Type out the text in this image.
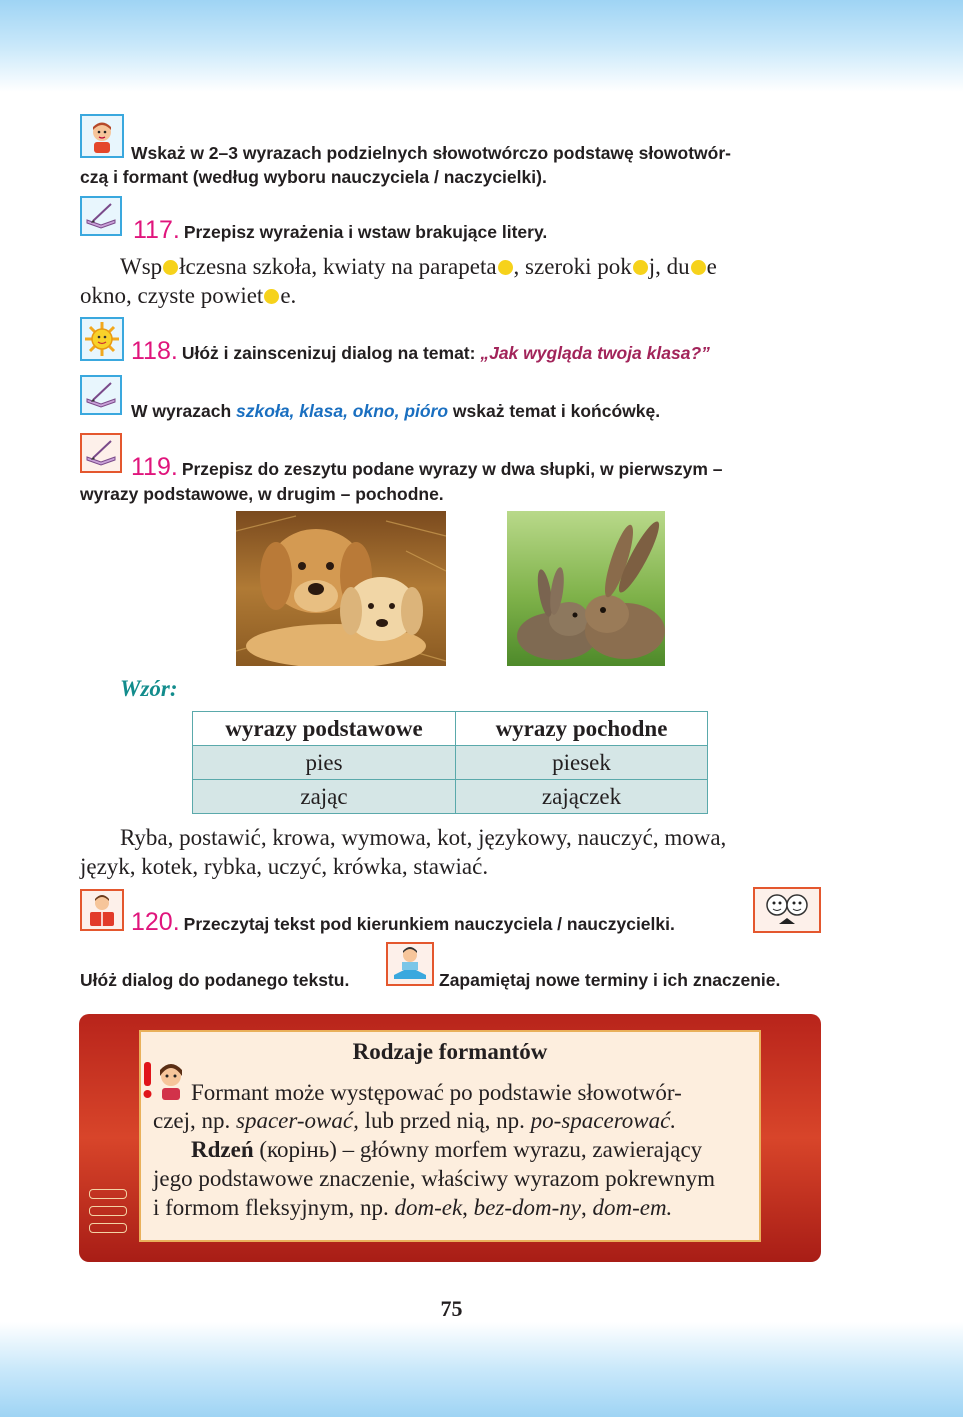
Wskaż w 2–3 wyrazach podzielnych słowotwórczo podstawę słowotwór-
czą i formant (według wyboru nauczyciela / naczycielki).
117. Przepisz wyrażenia i wstaw brakujące litery.
Wsp łczesna szkoła, kwiaty na parapeta , szeroki pok j, du e
okno, czyste powiet e.
118. Ułóż i zainscenizuj dialog na temat: „Jak wygląda twoja klasa?”
W wyrazach szkoła, klasa, okno, pióro wskaż temat i końcówkę.
119. Przepisz do zeszytu podane wyrazy w dwa słupki, w pierwszym –
wyrazy podstawowe, w drugim – pochodne.
Wzór:
wyrazy podstawowe	wyrazy pochodne
pies	piesek
zając	zajączek
Ryba, postawić, krowa, wymowa, kot, językowy, nauczyć, mowa,
język, kotek, rybka, uczyć, krówka, stawiać.
120. Przeczytaj tekst pod kierunkiem nauczyciela / nauczycielki.
Ułóż dialog do podanego tekstu.	Zapamiętaj nowe terminy i ich znaczenie.
Rodzaje formantów
Formant może występować po podstawie słowotwór-
czej, np. spacer-ować, lub przed nią, np. po-spacerować.
Rdzeń (корінь) – główny morfem wyrazu, zawierający
jego podstawowe znaczenie, właściwy wyrazom pokrewnym
i formom fleksyjnym, np. dom-ek, bez-dom-ny, dom-em.
75
